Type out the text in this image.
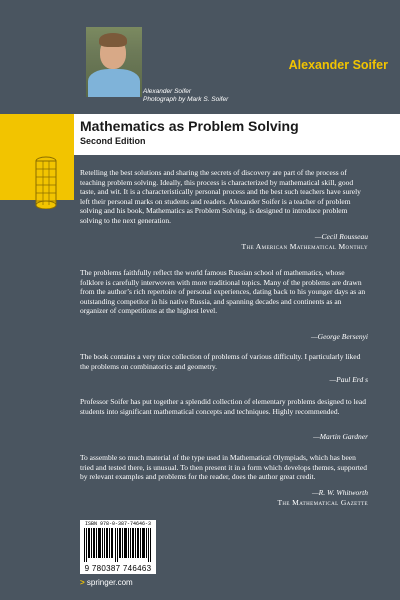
Alexander Soifer
Photograph by Mark S. Soifer
Alexander Soifer
Mathematics as Problem Solving
Second Edition
Retelling the best solutions and sharing the secrets of discovery are part of the process of teaching problem solving. Ideally, this process is characterized by mathematical skill, good taste, and wit. It is a characteristically personal process and the best such teachers have surely left their personal marks on students and readers. Alexander Soifer is a teacher of problem solving and his book, Mathematics as Problem Solving, is designed to introduce problem solving to the next generation.
—Cecil Rousseau
The American Mathematical Monthly
The problems faithfully reflect the world famous Russian school of mathematics, whose folklore is carefully interwoven with more traditional topics. Many of the problems are drawn from the author’s rich repertoire of personal experiences, dating back to his younger days as an outstanding competitor in his native Russia, and spanning decades and continents as an organizer of competitions at the highest level.
—George Bersenyi
The book contains a very nice collection of problems of various difficulty. I particularly liked the problems on combinatorics and geometry.
—Paul Erd s
Professor Soifer has put together a splendid collection of elementary problems designed to lead students into significant mathematical concepts and techniques. Highly recommended.
—Martin Gardner
To assemble so much material of the type used in Mathematical Olympiads, which has been tried and tested there, is unusual. To then present it in a form which develops themes, supported by relevant examples and problems for the reader, does the author great credit.
—R. W. Whitworth
The Mathematical Gazette
ISBN 978-0-387-74646-3
9 780387 746463
> springer.com
